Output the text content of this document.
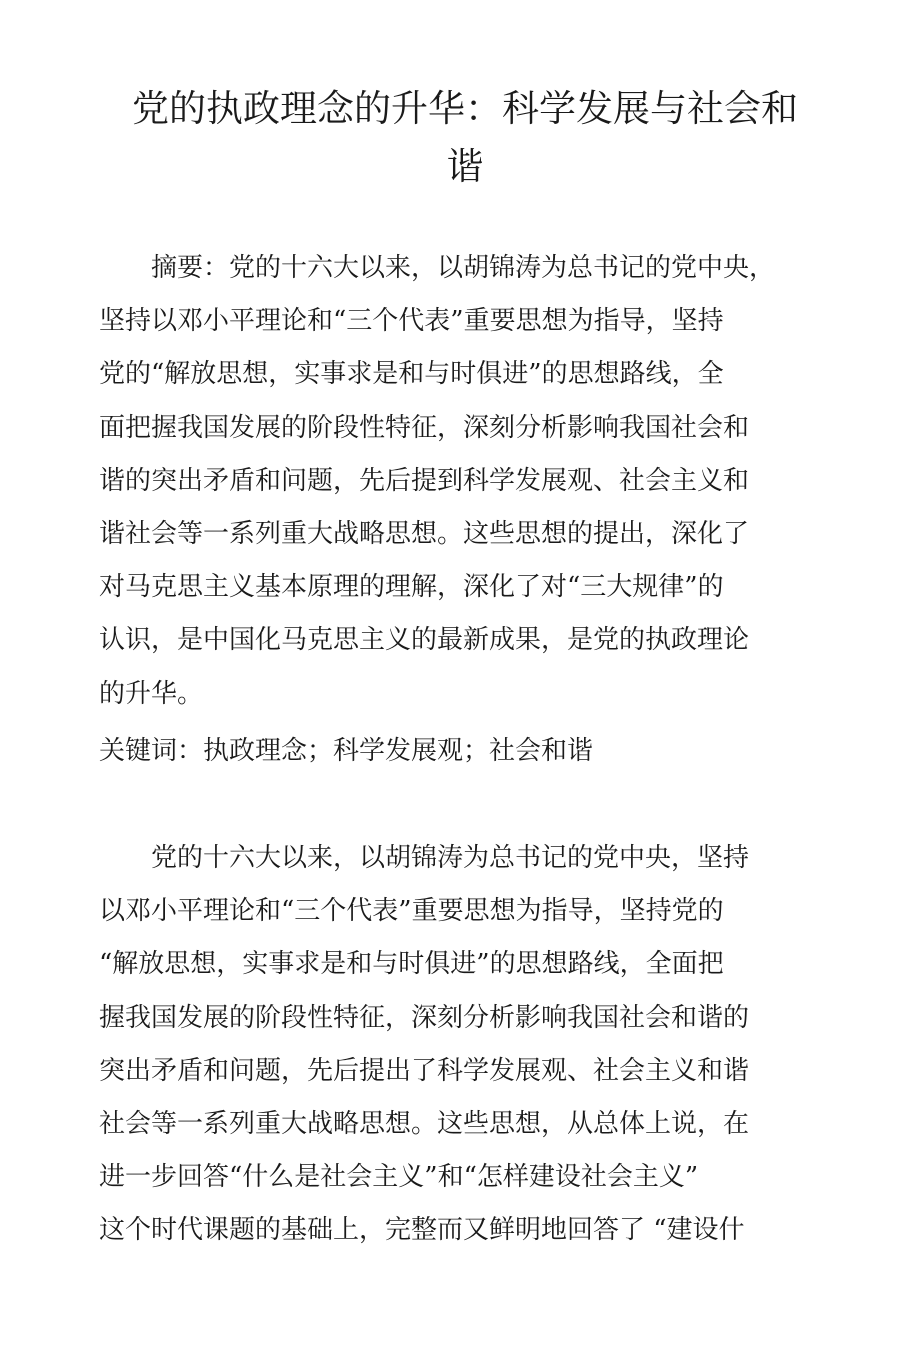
党的执政理念的升华：科学发展与社会和
谐

　　摘要：党的十六大以来，以胡锦涛为总书记的党中央，
坚持以邓小平理论和“三个代表”重要思想为指导，坚持
党的“解放思想，实事求是和与时俱进”的思想路线，全
面把握我国发展的阶段性特征，深刻分析影响我国社会和
谐的突出矛盾和问题，先后提到科学发展观、社会主义和
谐社会等一系列重大战略思想。这些思想的提出，深化了
对马克思主义基本原理的理解，深化了对“三大规律”的
认识，是中国化马克思主义的最新成果，是党的执政理论
的升华。

关键词：执政理念；科学发展观；社会和谐

　　党的十六大以来，以胡锦涛为总书记的党中央，坚持
以邓小平理论和“三个代表”重要思想为指导，坚持党的
“解放思想，实事求是和与时俱进”的思想路线，全面把
握我国发展的阶段性特征，深刻分析影响我国社会和谐的
突出矛盾和问题，先后提出了科学发展观、社会主义和谐
社会等一系列重大战略思想。这些思想，从总体上说，在
进一步回答“什么是社会主义”和“怎样建设社会主义”
这个时代课题的基础上，完整而又鲜明地回答了 “建设什
